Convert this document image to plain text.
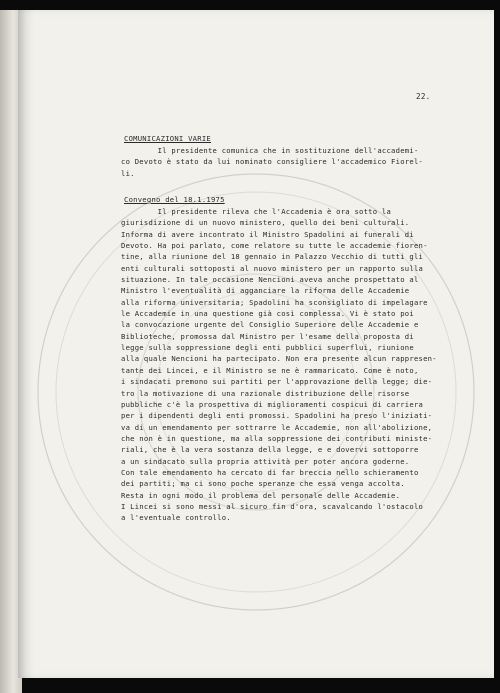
22.
COMUNICAZIONI VARIE
Il presidente comunica che in sostituzione dell'accademi-
co Devoto è stato da lui nominato consigliere l'accademico Fiorel-
li.
Convegno del 18.1.1975
Il presidente rileva che l'Accademia è ora sotto la
giurisdizione di un nuovo ministero, quello dei beni culturali.
Informa di avere incontrato il Ministro Spadolini ai funerali di
Devoto. Ha poi parlato, come relatore su tutte le accademie fioren-
tine, alla riunione del 18 gennaio in Palazzo Vecchio di tutti gli
enti culturali sottoposti al nuovo ministero per un rapporto sulla
situazione. In tale occasione Nencioni aveva anche prospettato al
Ministro l'eventualità di agganciare la riforma delle Accademie
alla riforma universitaria; Spadolini ha sconsigliato di impelagare
le Accademie in una questione già così complessa. Vi è stato poi
la convocazione urgente del Consiglio Superiore delle Accademie e
Biblioteche, promossa dal Ministro per l'esame della proposta di
legge sulla soppressione degli enti pubblici superflui, riunione
alla quale Nencioni ha partecipato. Non era presente alcun rappresen-
tante dei Lincei, e il Ministro se ne è rammaricato. Come è noto,
i sindacati premono sui partiti per l'approvazione della legge; die-
tro la motivazione di una razionale distribuzione delle risorse
pubbliche c'è la prospettiva di miglioramenti cospicui di carriera
per i dipendenti degli enti promossi. Spadolini ha preso l'iniziati-
va di un emendamento per sottrarre le Accademie, non all'abolizione,
che non è in questione, ma alla soppressione dei contributi ministe-
riali, che è la vera sostanza della legge, e e dovervi sottoporre
a un sindacato sulla propria attività per poter ancora goderne.
Con tale emendamento ha cercato di far breccia nello schieramento
dei partiti; ma ci sono poche speranze che essa venga accolta.
Resta in ogni modo il problema del personale delle Accademie.
I Lincei si sono messi al sicuro fin d'ora, scavalcando l'ostacolo
a l'eventuale controllo.
